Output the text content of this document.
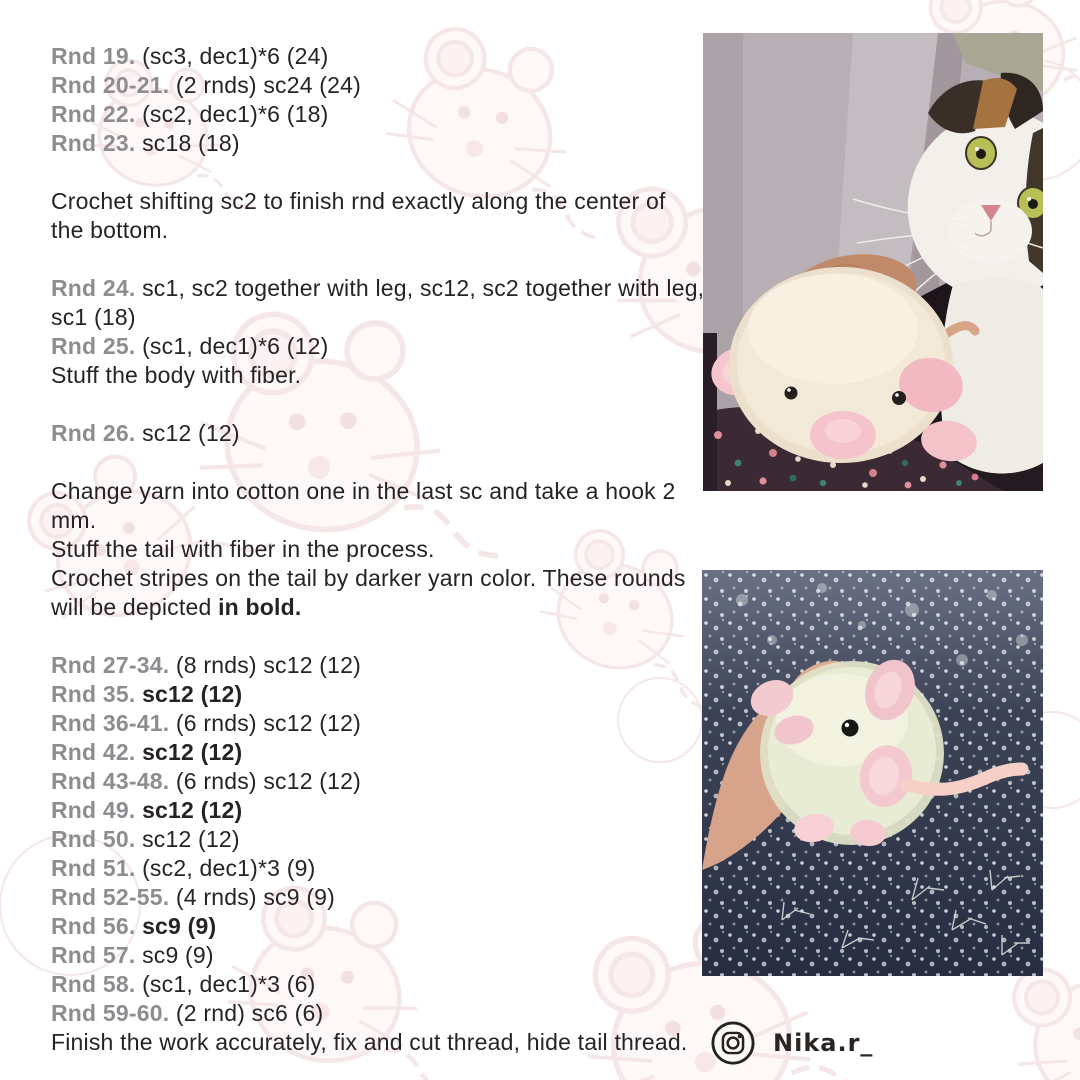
Rnd 19. (sc3, dec1)*6 (24)
Rnd 20-21. (2 rnds) sc24 (24)
Rnd 22. (sc2, dec1)*6 (18)
Rnd 23. sc18 (18)
Crochet shifting sc2 to finish rnd exactly along the center of
the bottom.
Rnd 24. sc1, sc2 together with leg, sc12, sc2 together with leg,
sc1 (18)
Rnd 25. (sc1, dec1)*6 (12)
Stuff the body with fiber.
Rnd 26. sc12 (12)
Change yarn into cotton one in the last sc and take a hook 2
mm.
Stuff the tail with fiber in the process.
Crochet stripes on the tail by darker yarn color. These rounds
will be depicted in bold.
Rnd 27-34. (8 rnds) sc12 (12)
Rnd 35. sc12 (12)
Rnd 36-41. (6 rnds) sc12 (12)
Rnd 42. sc12 (12)
Rnd 43-48. (6 rnds) sc12 (12)
Rnd 49. sc12 (12)
Rnd 50. sc12 (12)
Rnd 51. (sc2, dec1)*3 (9)
Rnd 52-55. (4 rnds) sc9 (9)
Rnd 56. sc9 (9)
Rnd 57. sc9 (9)
Rnd 58. (sc1, dec1)*3 (6)
Rnd 59-60. (2 rnd) sc6 (6)
Finish the work accurately, fix and cut thread, hide tail thread.	Nika.r_
